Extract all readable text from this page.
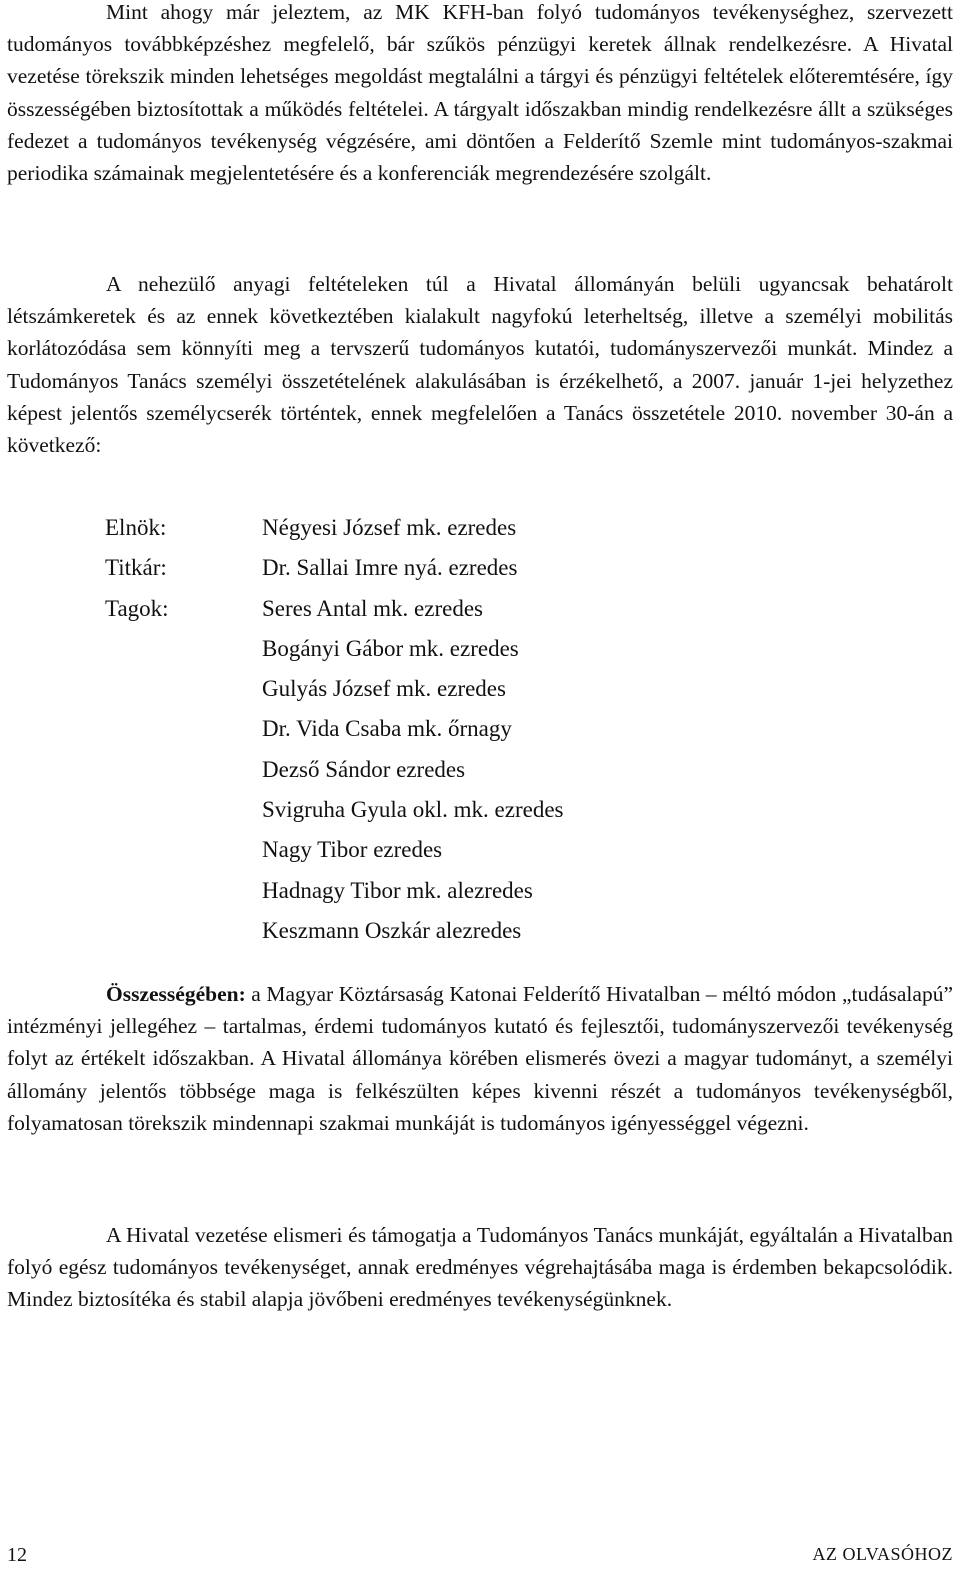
Mint ahogy már jeleztem, az MK KFH-ban folyó tudományos tevékenységhez, szervezett tudományos továbbképzéshez megfelelő, bár szűkös pénzügyi keretek állnak rendelkezésre. A Hivatal vezetése törekszik minden lehetséges megoldást megtalálni a tárgyi és pénzügyi feltételek előteremtésére, így összességében biztosítottak a működés feltételei. A tárgyalt időszakban mindig rendelkezésre állt a szükséges fedezet a tudományos tevékenység végzésére, ami döntően a Felderítő Szemle mint tudományos-szakmai periodika számainak megjelentetésére és a konferenciák megrendezésére szolgált.

A nehezülő anyagi feltételeken túl a Hivatal állományán belüli ugyancsak behatárolt létszámkeretek és az ennek következtében kialakult nagyfokú leterheltség, illetve a személyi mobilitás korlátozódása sem könnyíti meg a tervszerű tudományos kutatói, tudományszervezői munkát. Mindez a Tudományos Tanács személyi összetételének alakulásában is érzékelhető, a 2007. január 1-jei helyzethez képest jelentős személycserék történtek, ennek megfelelően a Tanács összetétele 2010. november 30-án a következő:

Elnök:	Négyesi József mk. ezredes
Titkár:	Dr. Sallai Imre nyá. ezredes
Tagok:	Seres Antal mk. ezredes
Bogányi Gábor mk. ezredes
Gulyás József mk. ezredes
Dr. Vida Csaba mk. őrnagy
Dezső Sándor ezredes
Svigruha Gyula okl. mk. ezredes
Nagy Tibor ezredes
Hadnagy Tibor mk. alezredes
Keszmann Oszkár alezredes

Összességében: a Magyar Köztársaság Katonai Felderítő Hivatalban – méltó módon „tudásalapú” intézményi jellegéhez – tartalmas, érdemi tudományos kutató és fejlesztői, tudományszervezői tevékenység folyt az értékelt időszakban. A Hivatal állománya körében elismerés övezi a magyar tudományt, a személyi állomány jelentős többsége maga is felkészülten képes kivenni részét a tudományos tevékenységből, folyamatosan törekszik mindennapi szakmai munkáját is tudományos igényességgel végezni.

A Hivatal vezetése elismeri és támogatja a Tudományos Tanács munkáját, egyáltalán a Hivatalban folyó egész tudományos tevékenységet, annak eredményes végrehajtásába maga is érdemben bekapcsolódik. Mindez biztosítéka és stabil alapja jövőbeni eredményes tevékenységünknek.

12	AZ OLVASÓHOZ
